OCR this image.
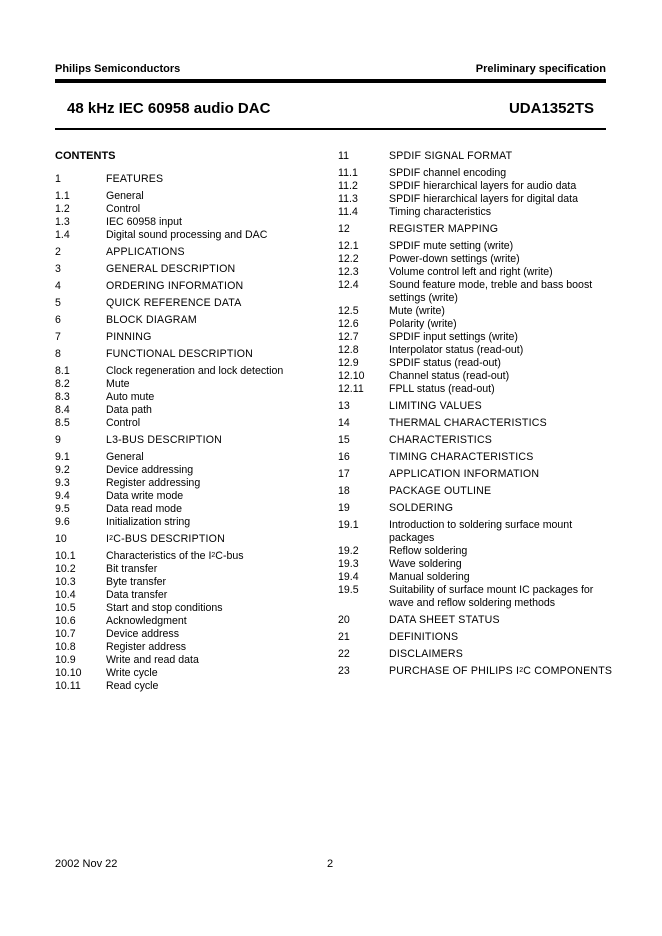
Philips Semiconductors	Preliminary specification
48 kHz IEC 60958 audio DAC	UDA1352TS
CONTENTS
1	FEATURES
1.1	General
1.2	Control
1.3	IEC 60958 input
1.4	Digital sound processing and DAC
2	APPLICATIONS
3	GENERAL DESCRIPTION
4	ORDERING INFORMATION
5	QUICK REFERENCE DATA
6	BLOCK DIAGRAM
7	PINNING
8	FUNCTIONAL DESCRIPTION
8.1	Clock regeneration and lock detection
8.2	Mute
8.3	Auto mute
8.4	Data path
8.5	Control
9	L3-BUS DESCRIPTION
9.1	General
9.2	Device addressing
9.3	Register addressing
9.4	Data write mode
9.5	Data read mode
9.6	Initialization string
10	$I^2C$-BUS DESCRIPTION
10.1	Characteristics of the $I^2C$-bus
10.2	Bit transfer
10.3	Byte transfer
10.4	Data transfer
10.5	Start and stop conditions
10.6	Acknowledgment
10.7	Device address
10.8	Register address
10.9	Write and read data
10.10 Write cycle
10.11 Read cycle
11	SPDIF SIGNAL FORMAT
11.1	SPDIF channel encoding
11.2	SPDIF hierarchical layers for audio data
11.3	SPDIF hierarchical layers for digital data
11.4	Timing characteristics
12	REGISTER MAPPING
12.1	SPDIF mute setting (write)
12.2	Power-down settings (write)
12.3	Volume control left and right (write)
12.4	Sound feature mode, treble and bass boost
settings (write)
12.5	Mute (write)
12.6	Polarity (write)
12.7	SPDIF input settings (write)
12.8	Interpolator status (read-out)
12.9	SPDIF status (read-out)
12.10 Channel status (read-out)
12.11 FPLL status (read-out)
13	LIMITING VALUES
14	THERMAL CHARACTERISTICS
15	CHARACTERISTICS
16	TIMING CHARACTERISTICS
17	APPLICATION INFORMATION
18	PACKAGE OUTLINE
19	SOLDERING
19.1	Introduction to soldering surface mount
packages
19.2	Reflow soldering
19.3	Wave soldering
19.4	Manual soldering
19.5	Suitability of surface mount IC packages for
wave and reflow soldering methods
20	DATA SHEET STATUS
21	DEFINITIONS
22	DISCLAIMERS
23	PURCHASE OF PHILIPS $I^2C$ COMPONENTS
2002 Nov 22	2
